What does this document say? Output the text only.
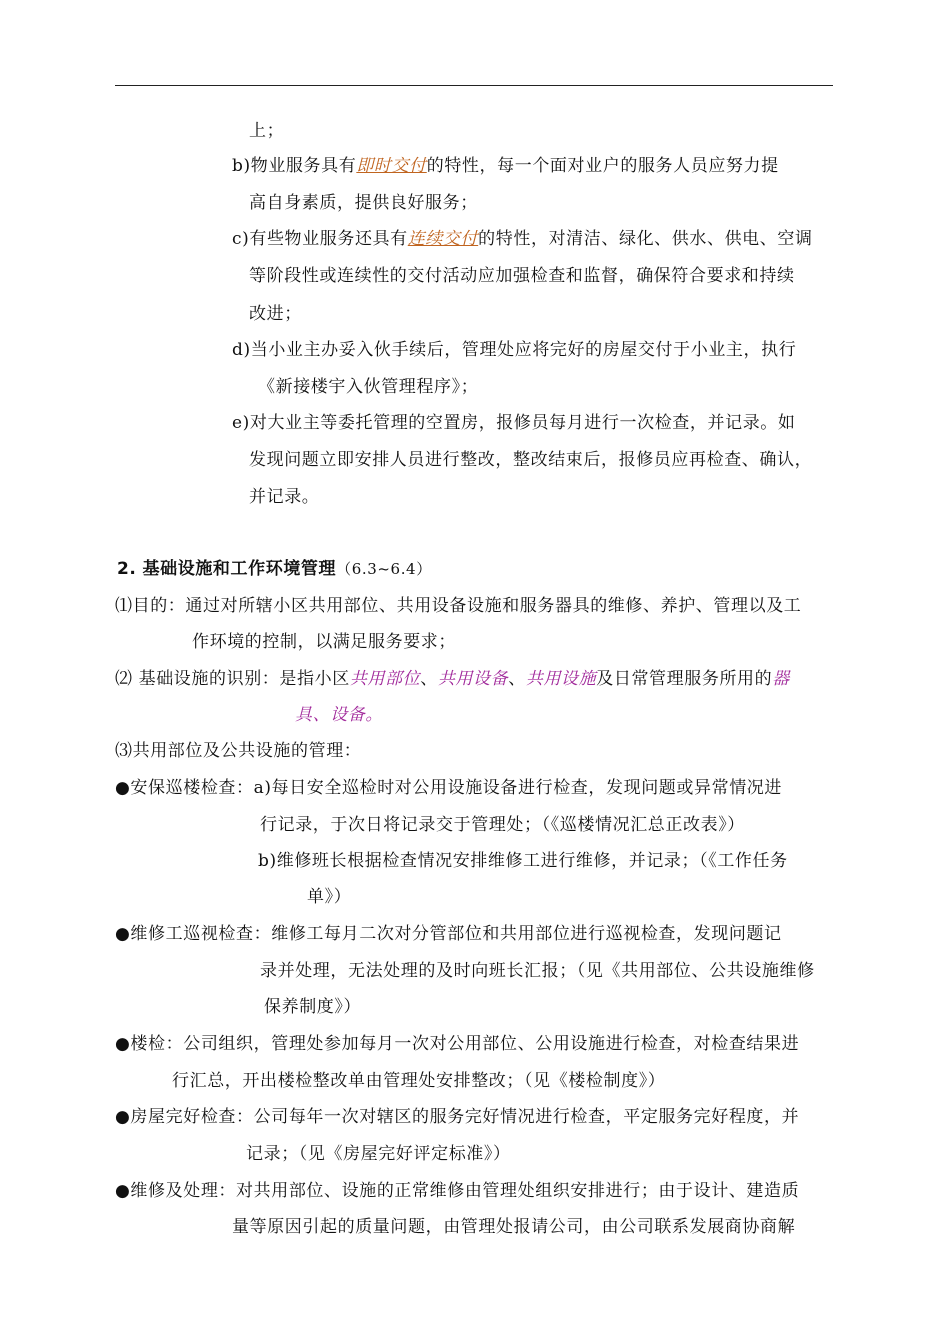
上；
b)物业服务具有即时交付的特性，每一个面对业户的服务人员应努力提
高自身素质，提供良好服务；
c)有些物业服务还具有连续交付的特性，对清洁、绿化、供水、供电、空调
等阶段性或连续性的交付活动应加强检查和监督，确保符合要求和持续
改进；
d)当小业主办妥入伙手续后，管理处应将完好的房屋交付于小业主，执行
《新接楼宇入伙管理程序》；
e)对大业主等委托管理的空置房，报修员每月进行一次检查，并记录。如
发现问题立即安排人员进行整改，整改结束后，报修员应再检查、确认，
并记录。
2. 基础设施和工作环境管理（6.3~6.4）
⑴目的：通过对所辖小区共用部位、共用设备设施和服务器具的维修、养护、管理以及工
作环境的控制，以满足服务要求；
⑵ 基础设施的识别：是指小区共用部位、共用设备、共用设施及日常管理服务所用的器
具、设备。
⑶共用部位及公共设施的管理：
●安保巡楼检查：a)每日安全巡检时对公用设施设备进行检查，发现问题或异常情况进
行记录，于次日将记录交于管理处；（《巡楼情况汇总正改表》）
b)维修班长根据检查情况安排维修工进行维修，并记录；（《工作任务
单》）
●维修工巡视检查：维修工每月二次对分管部位和共用部位进行巡视检查，发现问题记
录并处理，无法处理的及时向班长汇报；（见《共用部位、公共设施维修
保养制度》）
●楼检：公司组织，管理处参加每月一次对公用部位、公用设施进行检查，对检查结果进
行汇总，开出楼检整改单由管理处安排整改；（见《楼检制度》）
●房屋完好检查：公司每年一次对辖区的服务完好情况进行检查，平定服务完好程度，并
记录；（见《房屋完好评定标准》）
●维修及处理：对共用部位、设施的正常维修由管理处组织安排进行；由于设计、建造质
量等原因引起的质量问题，由管理处报请公司，由公司联系发展商协商解
